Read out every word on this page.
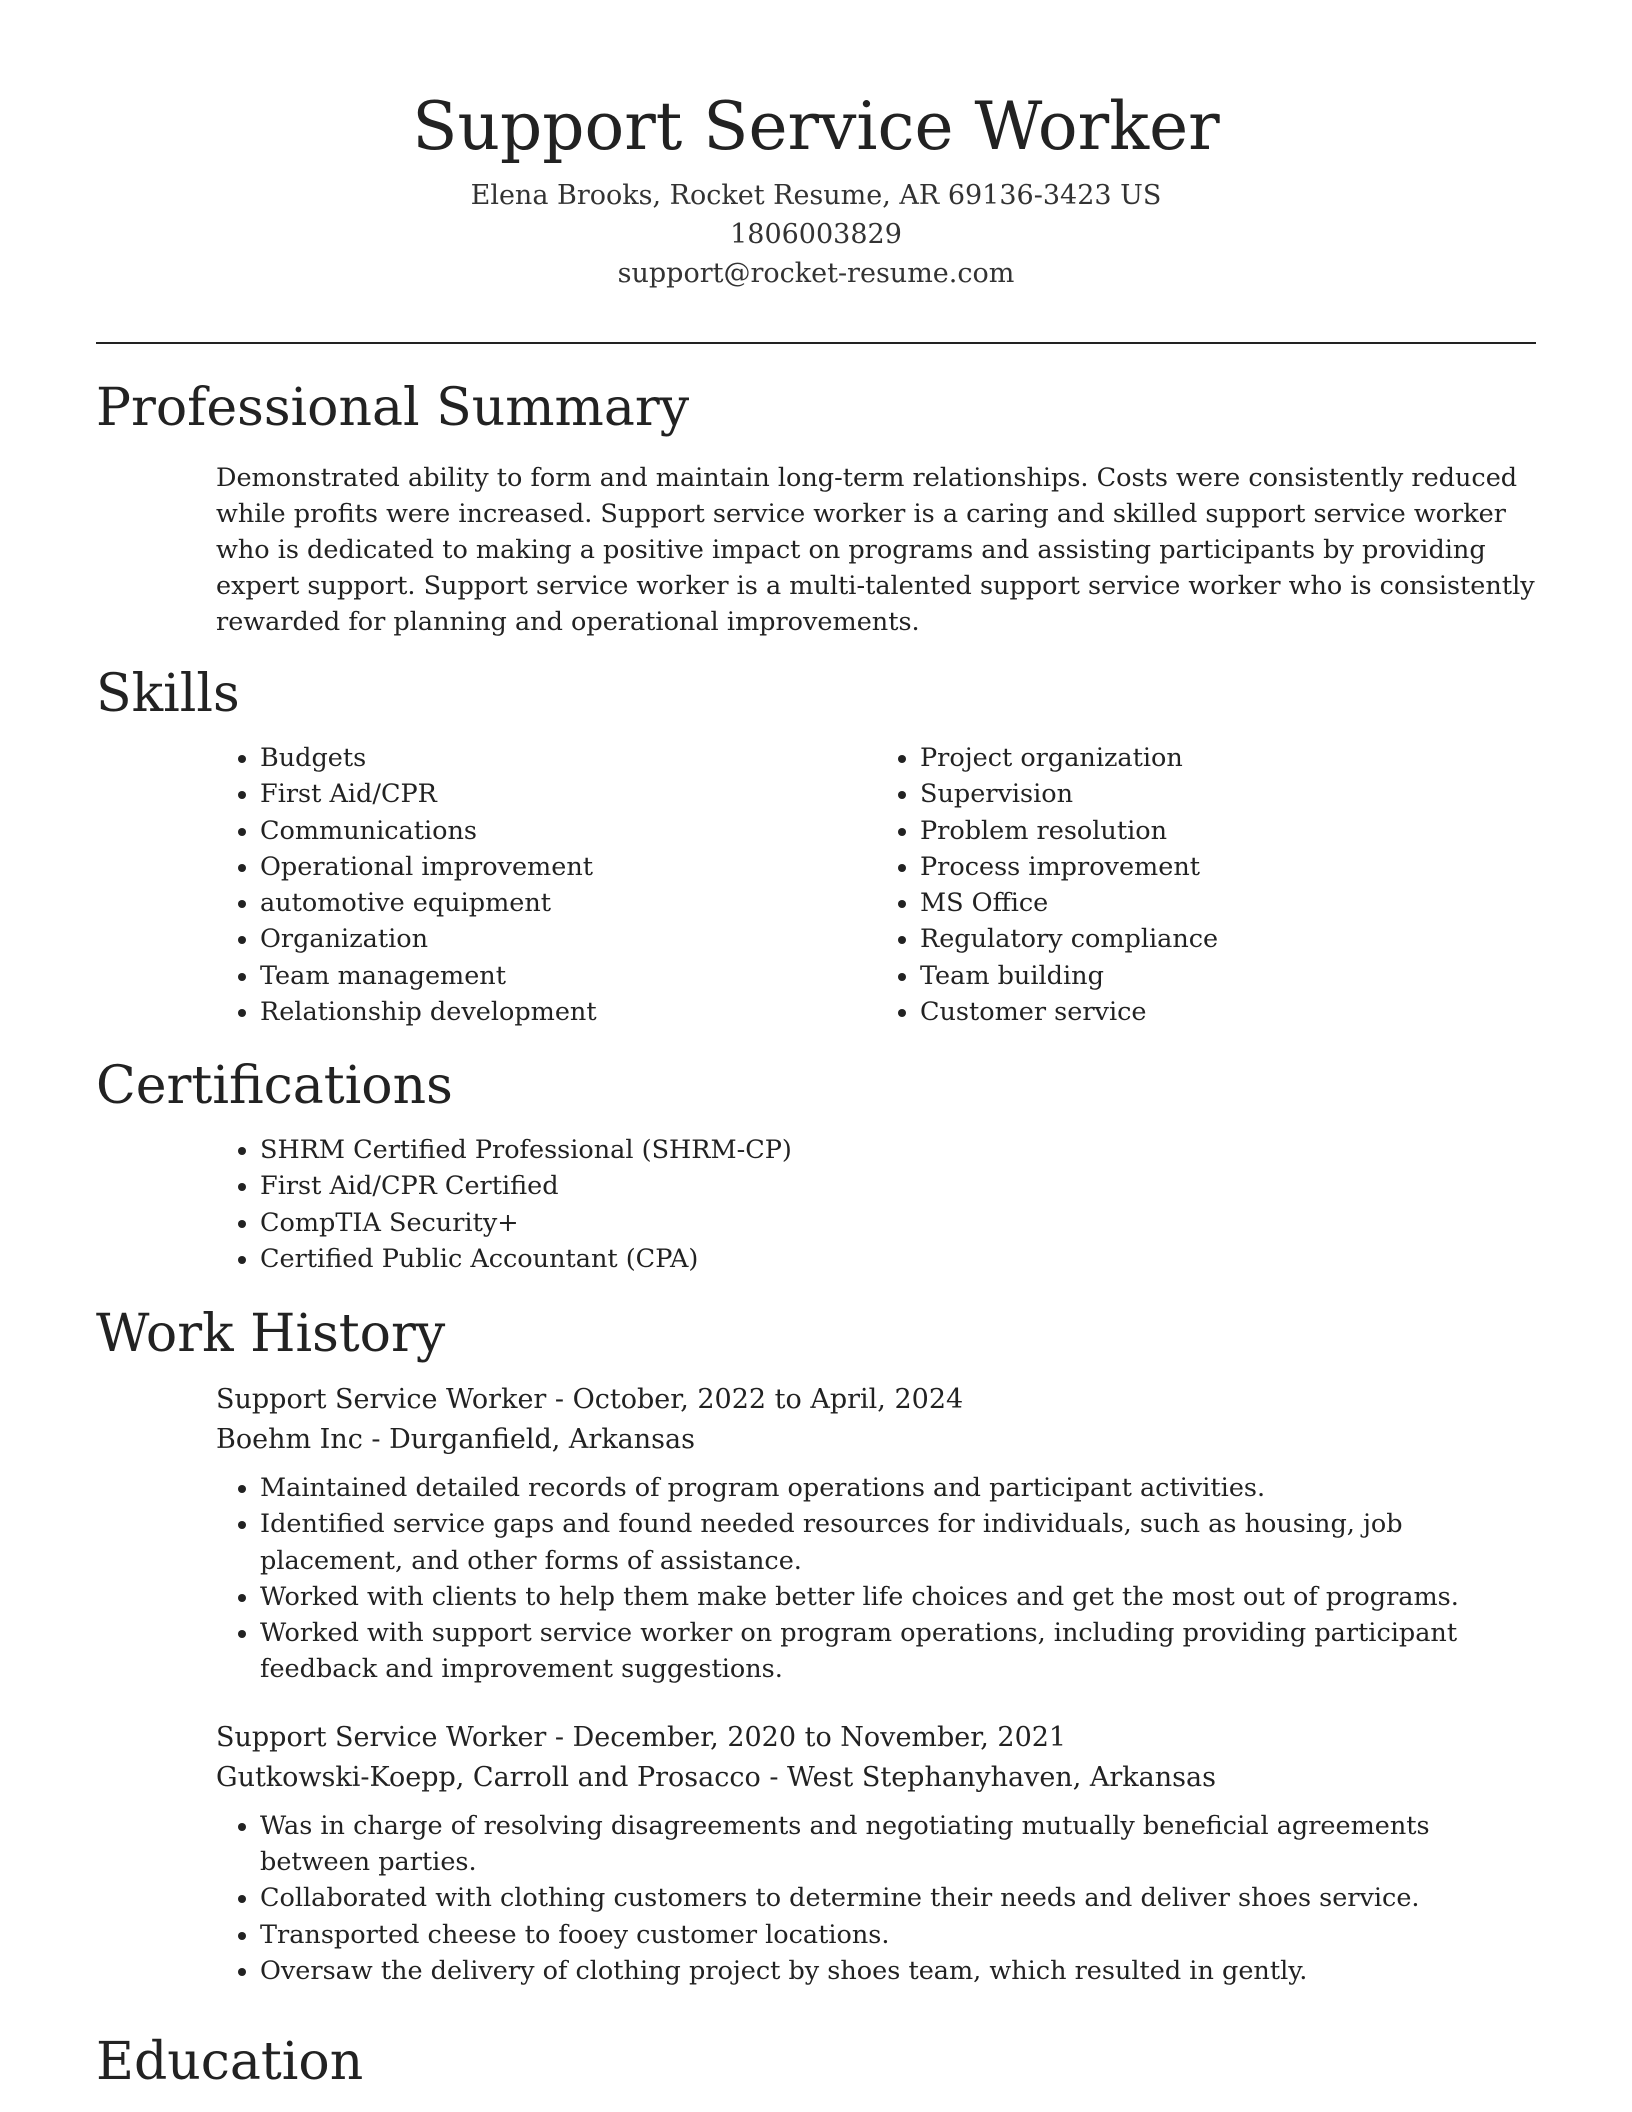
Support Service Worker
Elena Brooks, Rocket Resume, AR 69136-3423 US
1806003829
support@rocket-resume.com
Professional Summary
Demonstrated ability to form and maintain long-term relationships. Costs were consistently reduced while profits were increased. Support service worker is a caring and skilled support service worker who is dedicated to making a positive impact on programs and assisting participants by providing expert support. Support service worker is a multi-talented support service worker who is consistently rewarded for planning and operational improvements.
Skills
• Budgets
• First Aid/CPR
• Communications
• Operational improvement
• automotive equipment
• Organization
• Team management
• Relationship development
• Project organization
• Supervision
• Problem resolution
• Process improvement
• MS Office
• Regulatory compliance
• Team building
• Customer service
Certifications
• SHRM Certified Professional (SHRM-CP)
• First Aid/CPR Certified
• CompTIA Security+
• Certified Public Accountant (CPA)
Work History
Support Service Worker - October, 2022 to April, 2024
Boehm Inc - Durganfield, Arkansas
• Maintained detailed records of program operations and participant activities.
• Identified service gaps and found needed resources for individuals, such as housing, job placement, and other forms of assistance.
• Worked with clients to help them make better life choices and get the most out of programs.
• Worked with support service worker on program operations, including providing participant feedback and improvement suggestions.
Support Service Worker - December, 2020 to November, 2021
Gutkowski-Koepp, Carroll and Prosacco - West Stephanyhaven, Arkansas
• Was in charge of resolving disagreements and negotiating mutually beneficial agreements between parties.
• Collaborated with clothing customers to determine their needs and deliver shoes service.
• Transported cheese to fooey customer locations.
• Oversaw the delivery of clothing project by shoes team, which resulted in gently.
Education
